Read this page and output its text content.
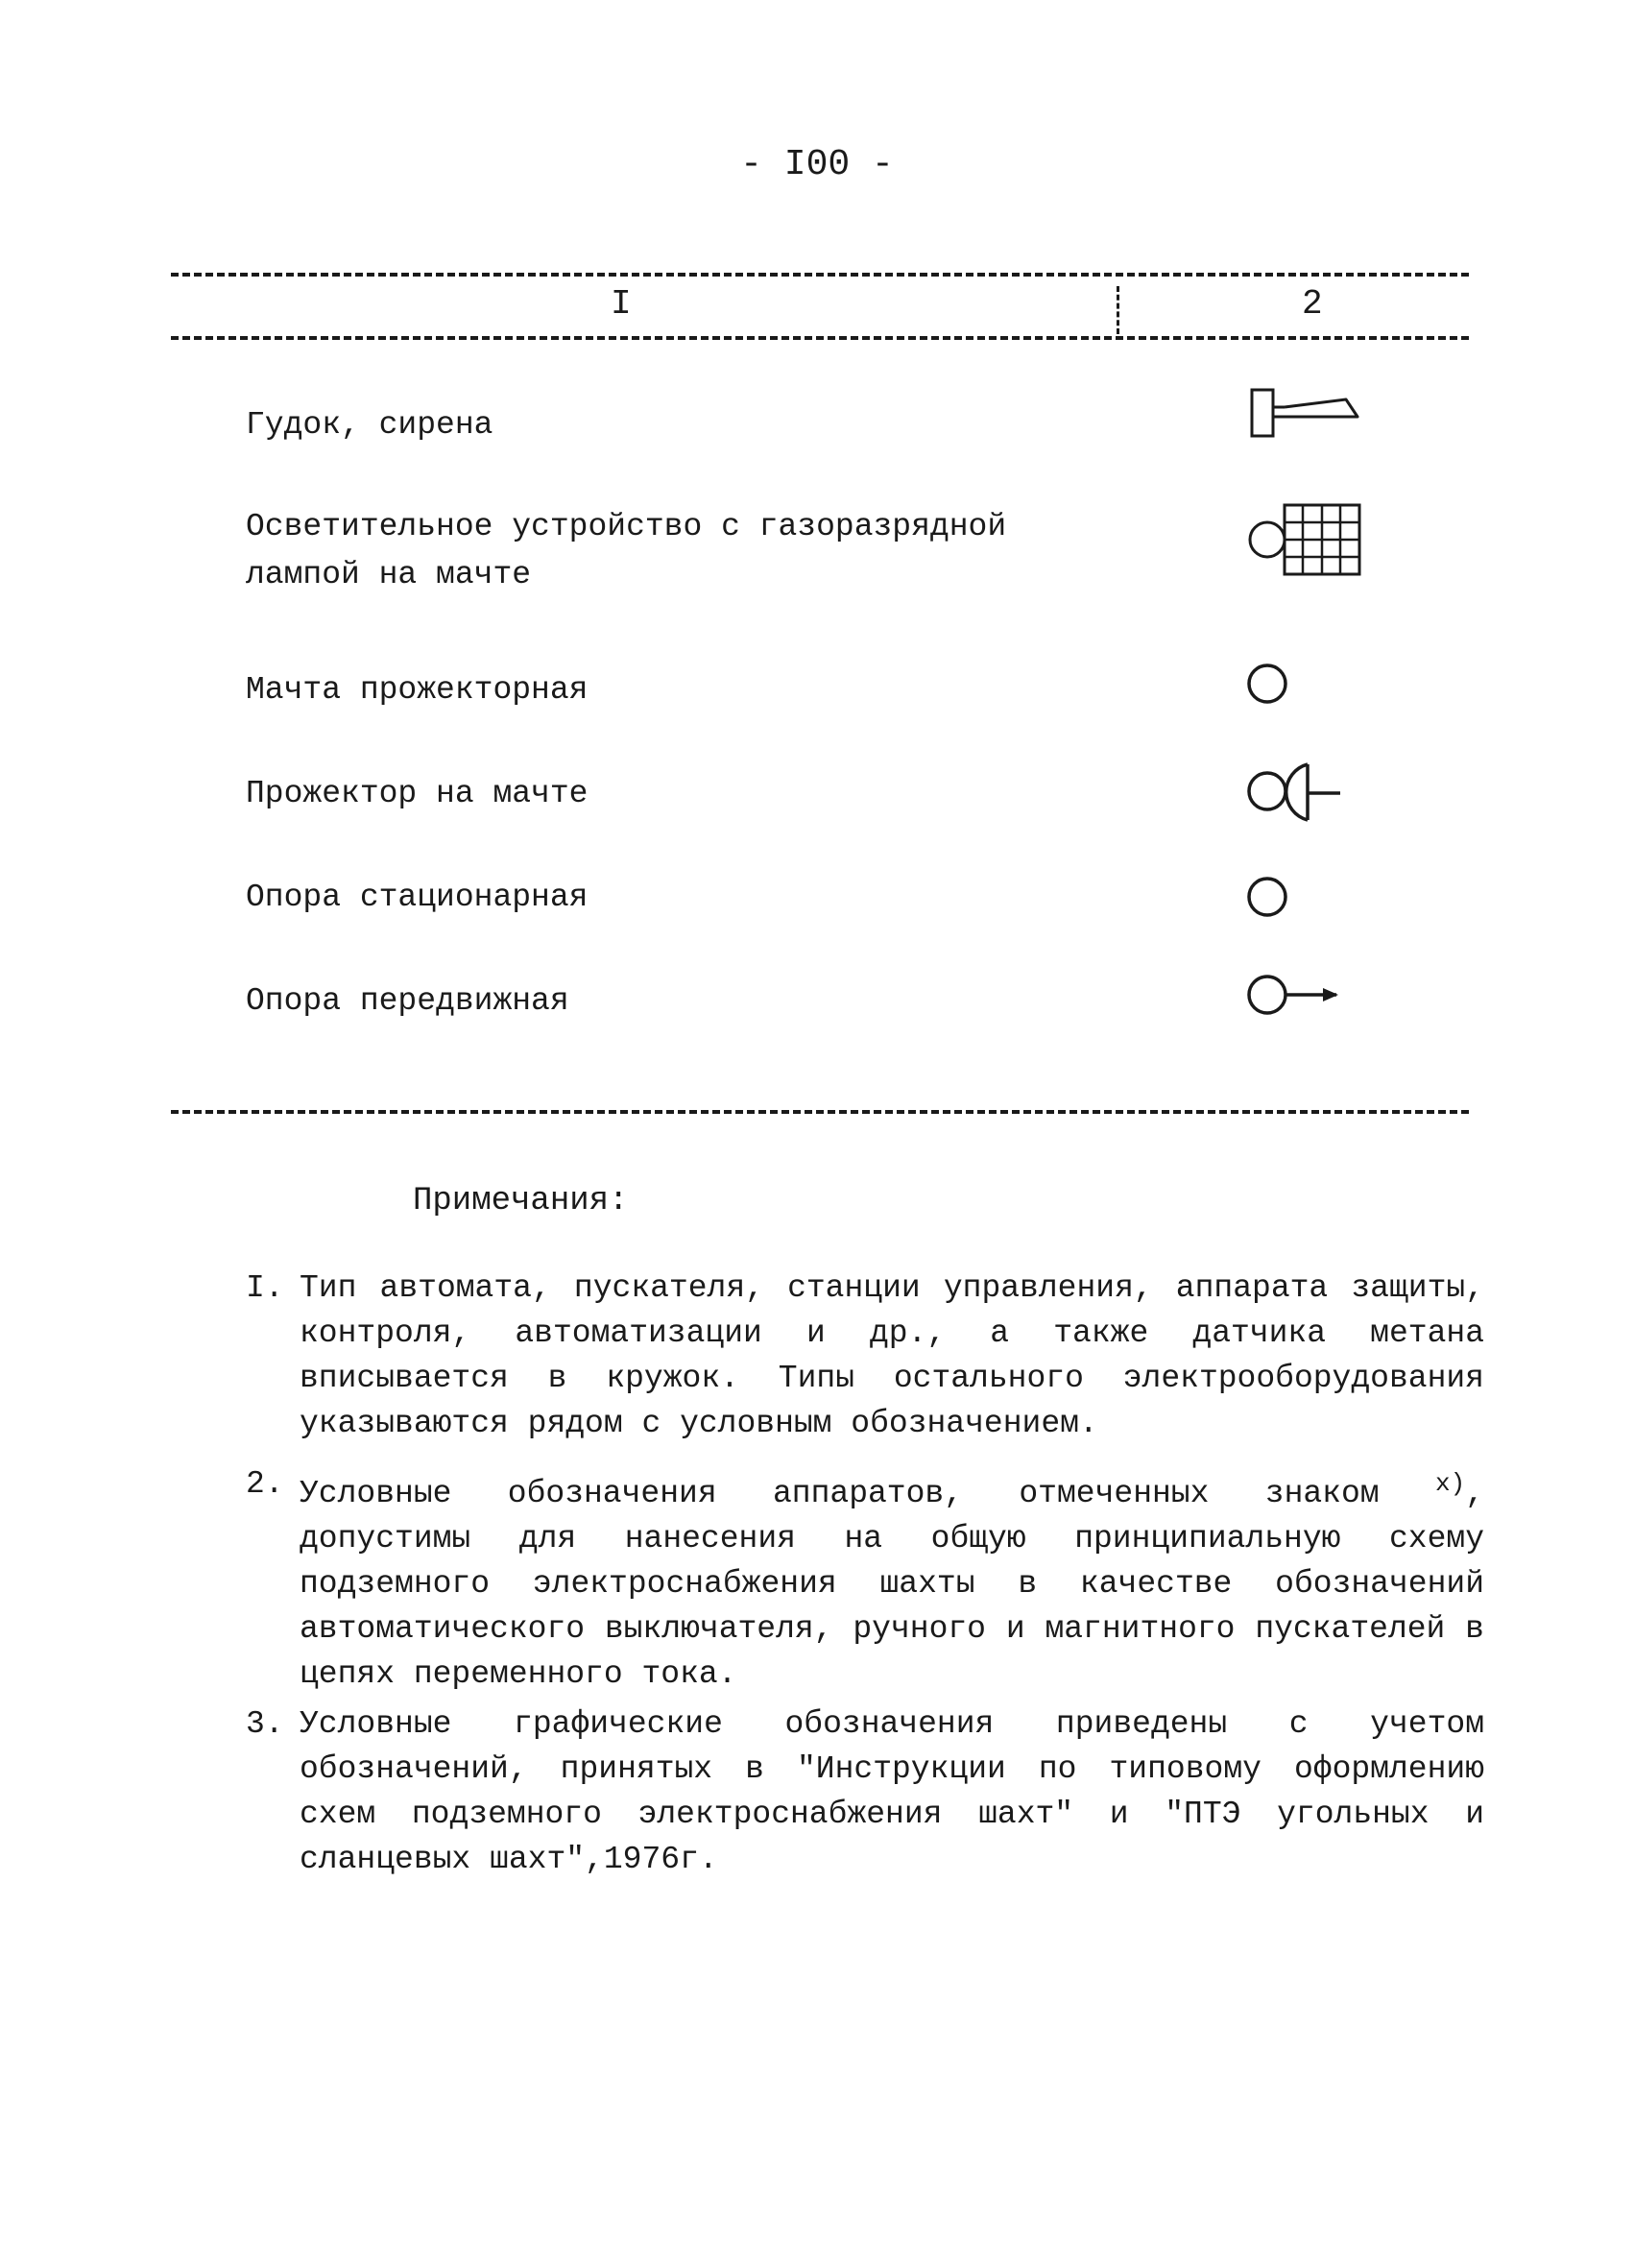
- I00 -
I	2
Гудок, сирена
Осветительное устройство с газоразрядной
лампой на мачте
Мачта прожекторная
Прожектор на мачте
Опора стационарная
Опора передвижная
Примечания:
I. Тип автомата, пускателя, станции управления, аппарата защиты, контроля, автоматизации и др., а также датчика метана вписывается в кружок. Типы остального электрооборудования указываются рядом с условным обозначением.
2. Условные обозначения аппаратов, отмеченных знаком $^{х)}$, допустимы для нанесения на общую принципиальную схему подземного электроснабжения шахты в качестве обозначений автоматического выключателя, ручного и магнитного пускателей в цепях переменного тока.
3. Условные графические обозначения приведены с учетом обозначений, принятых в "Инструкции по типовому оформлению схем подземного электроснабжения шахт" и "ПТЭ угольных и сланцевых шахт",1976г.
